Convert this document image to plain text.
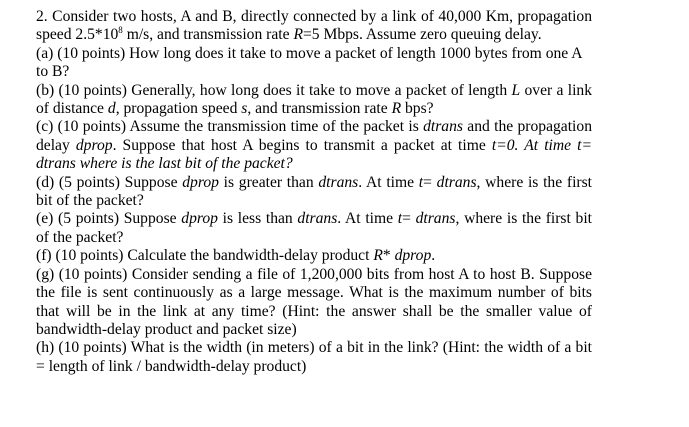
2. Consider two hosts, A and B, directly connected by a link of 40,000 Km, propagation speed $2.5*10^8$ m/s, and transmission rate R=5 Mbps. Assume zero queuing delay.

(a) (10 points) How long does it take to move a packet of length 1000 bytes from one A to B?

(b) (10 points) Generally, how long does it take to move a packet of length L over a link of distance d, propagation speed s, and transmission rate R bps?

(c) (10 points) Assume the transmission time of the packet is dtrans and the propagation delay dprop. Suppose that host A begins to transmit a packet at time t=0. At time t= dtrans where is the last bit of the packet?

(d) (5 points) Suppose dprop is greater than dtrans. At time t= dtrans, where is the first bit of the packet?

(e) (5 points) Suppose dprop is less than dtrans. At time t= dtrans, where is the first bit of the packet?

(f) (10 points) Calculate the bandwidth-delay product R* dprop.

(g) (10 points) Consider sending a file of 1,200,000 bits from host A to host B. Suppose the file is sent continuously as a large message. What is the maximum number of bits that will be in the link at any time? (Hint: the answer shall be the smaller value of bandwidth-delay product and packet size)

(h) (10 points) What is the width (in meters) of a bit in the link? (Hint: the width of a bit = length of link / bandwidth-delay product)
